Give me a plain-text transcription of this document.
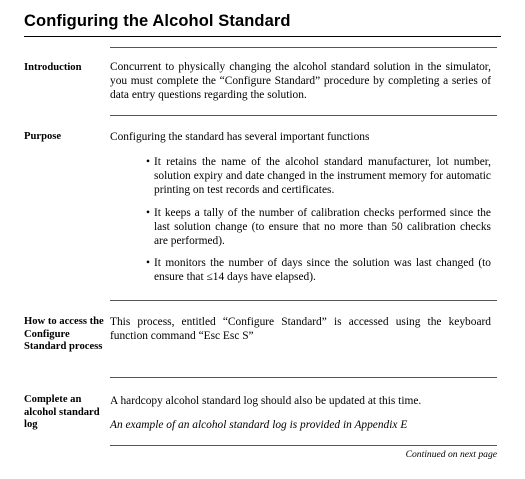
Configuring the Alcohol Standard
Introduction	Concurrent to physically changing the alcohol standard solution in the simulator, you must complete the “Configure Standard” procedure by completing a series of data entry questions regarding the solution.
Purpose	Configuring the standard has several important functions
• It retains the name of the alcohol standard manufacturer, lot number, solution expiry and date changed in the instrument memory for automatic printing on test records and certificates.
• It keeps a tally of the number of calibration checks performed since the last solution change (to ensure that no more than 50 calibration checks are performed).
• It monitors the number of days since the solution was last changed (to ensure that ≤14 days have elapsed).
How to access the Configure Standard process
This process, entitled “Configure Standard” is accessed using the keyboard function command “Esc Esc S”
Complete an alcohol standard log
A hardcopy alcohol standard log should also be updated at this time.
An example of an alcohol standard log is provided in Appendix E
Continued on next page
